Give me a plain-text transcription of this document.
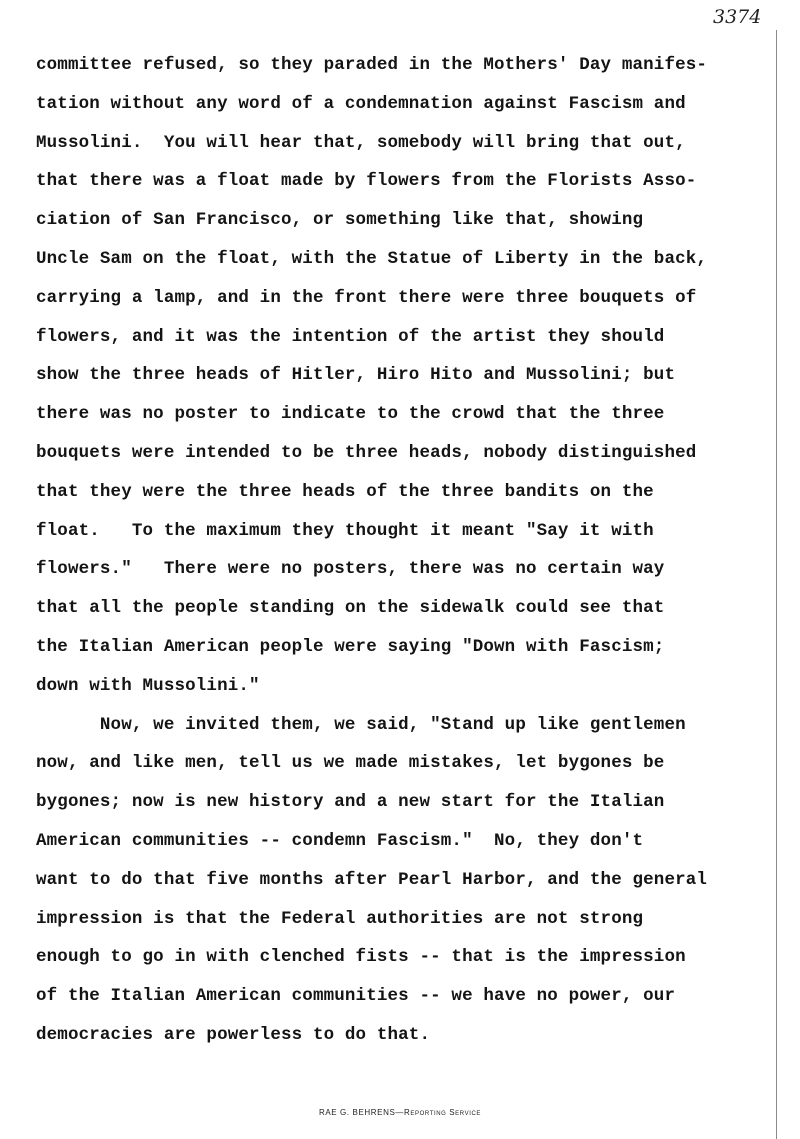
3374
committee refused, so they paraded in the Mothers' Day manifes-
tation without any word of a condemnation against Fascism and
Mussolini.  You will hear that, somebody will bring that out,
that there was a float made by flowers from the Florists Asso-
ciation of San Francisco, or something like that, showing
Uncle Sam on the float, with the Statue of Liberty in the back,
carrying a lamp, and in the front there were three bouquets of
flowers, and it was the intention of the artist they should
show the three heads of Hitler, Hiro Hito and Mussolini; but
there was no poster to indicate to the crowd that the three
bouquets were intended to be three heads, nobody distinguished
that they were the three heads of the three bandits on the
float.   To the maximum they thought it meant "Say it with
flowers."   There were no posters, there was no certain way
that all the people standing on the sidewalk could see that
the Italian American people were saying "Down with Fascism;
down with Mussolini."
Now, we invited them, we said, "Stand up like gentlemen
now, and like men, tell us we made mistakes, let bygones be
bygones; now is new history and a new start for the Italian
American communities -- condemn Fascism."  No, they don't
want to do that five months after Pearl Harbor, and the general
impression is that the Federal authorities are not strong
enough to go in with clenched fists -- that is the impression
of the Italian American communities -- we have no power, our
democracies are powerless to do that.
RAE G. BEHRENS—Reporting Service
